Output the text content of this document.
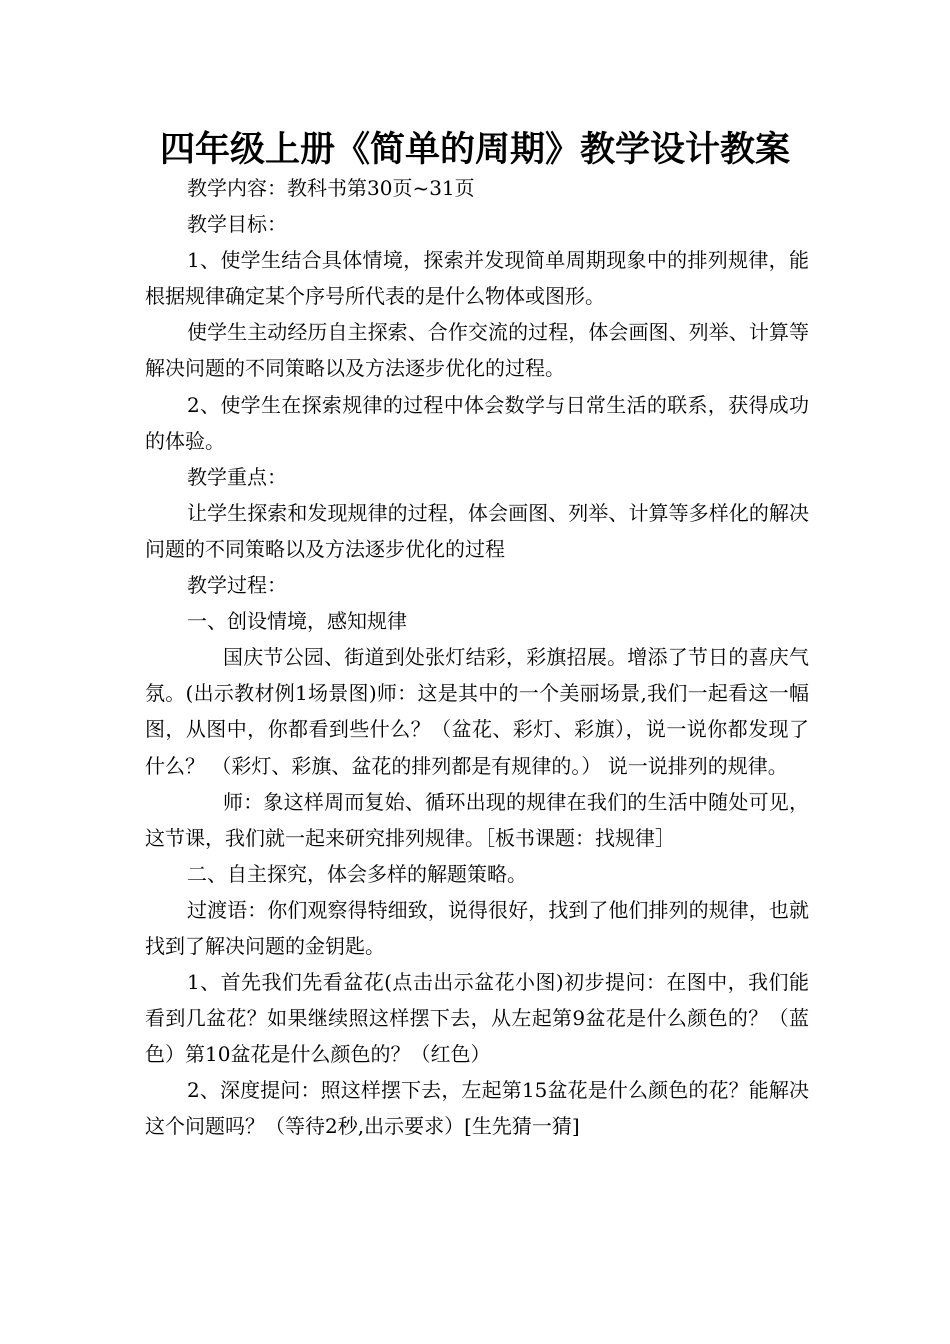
四年级上册《简单的周期》教学设计教案

教学内容：教科书第30页~31页

教学目标：

1、使学生结合具体情境，探索并发现简单周期现象中的排列规律，能根据规律确定某个序号所代表的是什么物体或图形。

使学生主动经历自主探索、合作交流的过程，体会画图、列举、计算等解决问题的不同策略以及方法逐步优化的过程。

2、使学生在探索规律的过程中体会数学与日常生活的联系，获得成功的体验。

教学重点：

让学生探索和发现规律的过程，体会画图、列举、计算等多样化的解决问题的不同策略以及方法逐步优化的过程

教学过程：

一、创设情境，感知规律

国庆节公园、街道到处张灯结彩，彩旗招展。增添了节日的喜庆气氛。(出示教材例1场景图)师：这是其中的一个美丽场景,我们一起看这一幅图，从图中，你都看到些什么？（盆花、彩灯、彩旗），说一说你都发现了什么？ （彩灯、彩旗、盆花的排列都是有规律的。） 说一说排列的规律。

师：象这样周而复始、循环出现的规律在我们的生活中随处可见，这节课，我们就一起来研究排列规律。［板书课题：找规律］

二、自主探究，体会多样的解题策略。

过渡语：你们观察得特细致，说得很好，找到了他们排列的规律，也就找到了解决问题的金钥匙。

1、首先我们先看盆花(点击出示盆花小图)初步提问：在图中，我们能看到几盆花？如果继续照这样摆下去，从左起第9盆花是什么颜色的？（蓝色）第10盆花是什么颜色的？（红色）

2、深度提问：照这样摆下去，左起第15盆花是什么颜色的花？能解决这个问题吗？（等待2秒,出示要求）[生先猜一猜]
